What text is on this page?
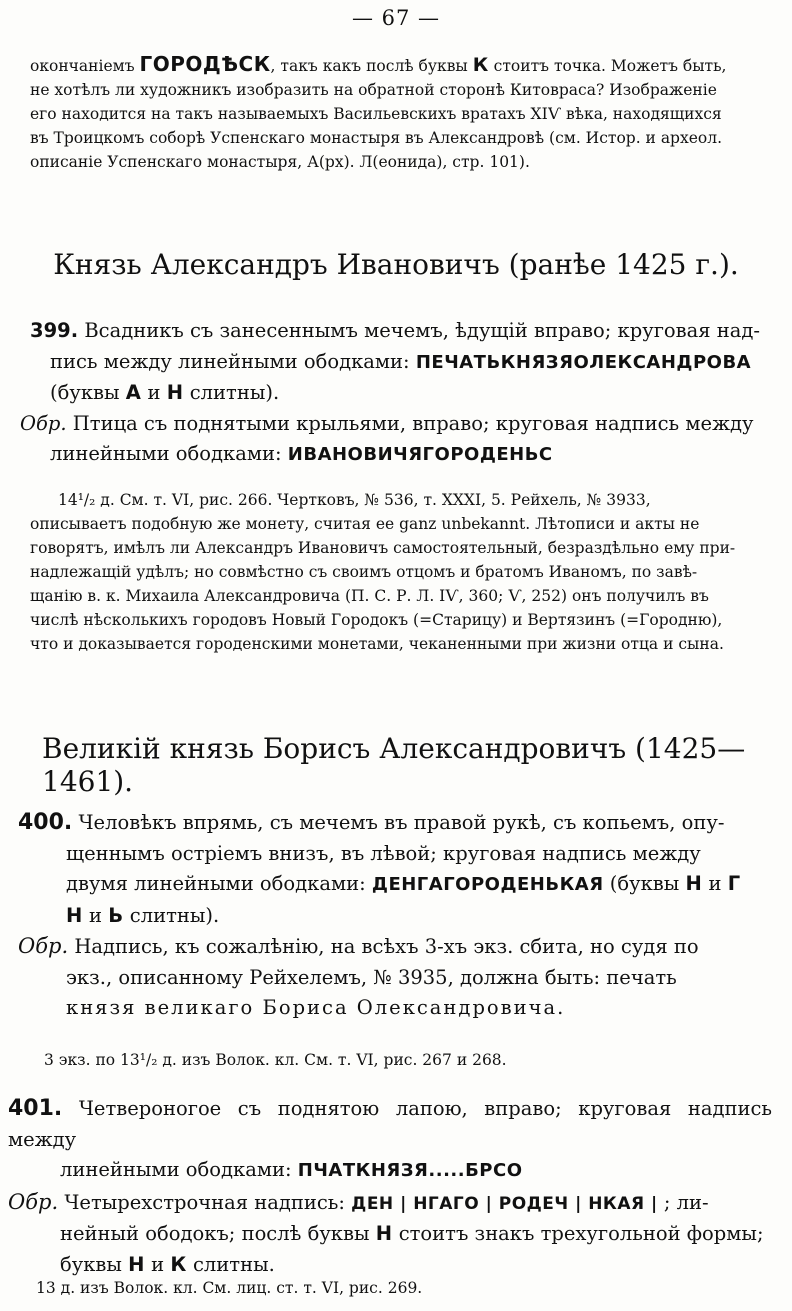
— 67 —
окончаніемъ ГОРОДѢСК, такъ какъ послѣ буквы К стоитъ точка. Можетъ быть,
не хотѣлъ ли художникъ изобразить на обратной сторонѣ Китовраса? Изображеніе
его находится на такъ называемыхъ Васильевскихъ вратахъ XIѴ вѣка, находящихся
въ Троицкомъ соборѣ Успенскаго монастыря въ Александровѣ (см. Истор. и археол.
описаніе Успенскаго монастыря, А(рх). Л(еонида), стр. 101).
Князь Александръ Ивановичъ (ранѣе 1425 г.).
399. Всадникъ съ занесеннымъ мечемъ, ѣдущій вправо; круговая над-
пись между линейными ободками: ПЕЧАТЬКНЯЗЯОЛЕКСАНДРОВА
(буквы А и Н слитны).
Обр. Птица съ поднятыми крыльями, вправо; круговая надпись между
линейными ободками: ИВАНОВИЧЯГОРОДЕНЬС
14¹/₂ д. См. т. VI, рис. 266. Чертковъ, № 536, т. XXXI, 5. Рейхель, № 3933,
описываетъ подобную же монету, считая ее ganz unbekannt. Лѣтописи и акты не
говорятъ, имѣлъ ли Александръ Ивановичъ самостоятельный, безраздѣльно ему при-
надлежащій удѣлъ; но совмѣстно съ своимъ отцомъ и братомъ Иваномъ, по завѣ-
щанію в. к. Михаила Александровича (П. С. Р. Л. IѴ, 360; Ѵ, 252) онъ получилъ въ
числѣ нѣсколькихъ городовъ Новый Городокъ (=Старицу) и Вертязинъ (=Городню),
что и доказывается городенскими монетами, чеканенными при жизни отца и сына.
Великій князь Борисъ Александровичъ (1425—1461).
400. Человѣкъ впрямь, съ мечемъ въ правой рукѣ, съ копьемъ, опу-
щеннымъ остріемъ внизъ, въ лѣвой; круговая надпись между
двумя линейными ободками: ДЕНГАГОРОДЕНЬКАЯ (буквы Н и Г
Н и Ь слитны).
Обр. Надпись, къ сожалѣнію, на всѣхъ 3-хъ экз. сбита, но судя по
экз., описанному Рейхелемъ, № 3935, должна быть: печать
князя великаго Бориса Олександровича.
3 экз. по 13¹/₂ д. изъ Волок. кл. См. т. VI, рис. 267 и 268.
401. Четвероногое съ поднятою лапою, вправо; круговая надпись между
линейными ободками: ПЧАТКНЯЗЯ.....БРСО
Обр. Четырехстрочная надпись: ДЕН | НГАГО | РОДЕЧ | НКАЯ | ; ли-
нейный ободокъ; послѣ буквы Н стоитъ знакъ трехугольной формы;
буквы Н и К слитны.
13 д. изъ Волок. кл. См. лиц. ст. т. VI, рис. 269.
